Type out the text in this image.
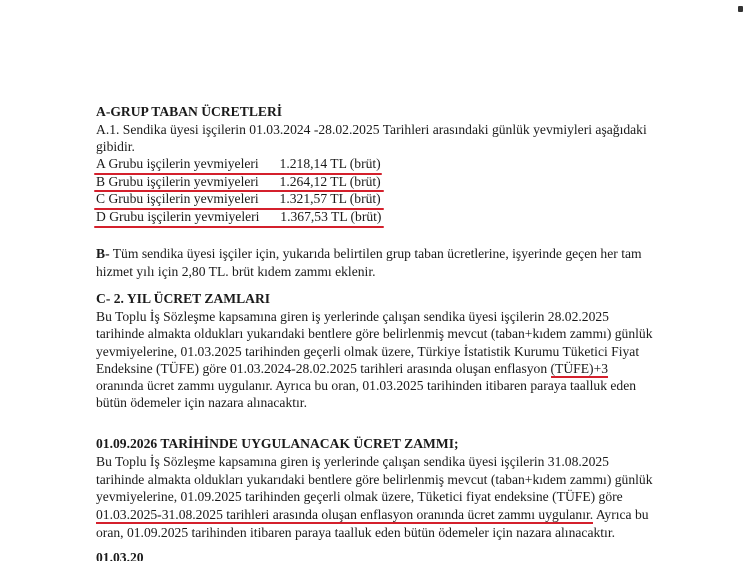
A-GRUP TABAN ÜCRETLERİ
A.1. Sendika üyesi işçilerin 01.03.2024 -28.02.2025 Tarihleri arasındaki günlük yevmiyleri aşağıdaki
gibidir.
A Grubu işçilerin yevmiyeleri 1.218,14 TL (brüt)
B Grubu işçilerin yevmiyeleri 1.264,12 TL (brüt)
C Grubu işçilerin yevmiyeleri 1.321,57 TL (brüt)
D Grubu işçilerin yevmiyeleri 1.367,53 TL (brüt)
B- Tüm sendika üyesi işçiler için, yukarıda belirtilen grup taban ücretlerine, işyerinde geçen her tam
hizmet yılı için 2,80 TL. brüt kıdem zammı eklenir.
C- 2. YIL ÜCRET ZAMLARI
Bu Toplu İş Sözleşme kapsamına giren iş yerlerinde çalışan sendika üyesi işçilerin 28.02.2025
tarihinde almakta oldukları yukarıdaki bentlere göre belirlenmiş mevcut (taban+kıdem zammı) günlük
yevmiyelerine, 01.03.2025 tarihinden geçerli olmak üzere, Türkiye İstatistik Kurumu Tüketici Fiyat
Endeksine (TÜFE) göre 01.03.2024-28.02.2025 tarihleri arasında oluşan enflasyon (TÜFE)+3
oranında ücret zammı uygulanır. Ayrıca bu oran, 01.03.2025 tarihinden itibaren paraya taalluk eden
bütün ödemeler için nazara alınacaktır.
01.09.2026 TARİHİNDE UYGULANACAK ÜCRET ZAMMI;
Bu Toplu İş Sözleşme kapsamına giren iş yerlerinde çalışan sendika üyesi işçilerin 31.08.2025
tarihinde almakta oldukları yukarıdaki bentlere göre belirlenmiş mevcut (taban+kıdem zammı) günlük
yevmiyelerine, 01.09.2025 tarihinden geçerli olmak üzere, Tüketici fiyat endeksine (TÜFE) göre
01.03.2025-31.08.2025 tarihleri arasında oluşan enflasyon oranında ücret zammı uygulanır. Ayrıca bu
oran, 01.09.2025 tarihinden itibaren paraya taalluk eden bütün ödemeler için nazara alınacaktır.
01.03.20
